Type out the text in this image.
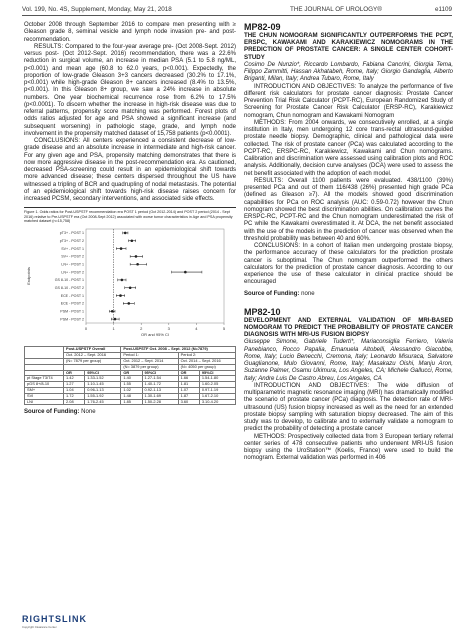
Vol. 199, No. 4S, Supplement, Monday, May 21, 2018	THE JOURNAL OF UROLOGY®	e1109

October 2008 through September 2016 to compare men presenting with ≥ Gleason grade 8, seminal vesicle and lymph node invasion pre- and post- recommendation.

RESULTS: Compared to the four-year average pre- (Oct 2008-Sept. 2012) versus post- (Oct 2012-Sept. 2016) recommendation, there was a 22.6% reduction in surgical volume, an increase in median PSA (5.1 to 5.8 ng/ML, p<0.001) and mean age (60.8 to 62.0 years, p<0.001). Expectedly, the proportion of low-grade Gleason 3+3 cancers decreased (30.2% to 17.1%, p<0.001) while high-grade Gleason 8+ cancers increased (8.4% to 13.5%, p<0.001). In this Gleason 8+ group, we saw a 24% increase in absolute numbers. One year biochemical recurrence rose from 6.2% to 17.5% (p<0.0001). To discern whether the increase in high-risk disease was due to referral patterns, propensity score matching was performed. Forest plots of odds ratios adjusted for age and PSA showed a significant increase (and subsequent worsening) in pathologic stage, grade, and lymph node involvement in the propensity matched dataset of 15,758 patients (p<0.0001).

CONCLUSIONS: All centers experienced a consistent decrease of low-grade disease and an absolute increase in intermediate and high-risk cancer. For any given age and PSA, propensity matching demonstrates that there is now more aggressive disease in the post-recommendation era. As cautioned, decreased PSA-screening could result in an epidemiological shift towards more advanced disease; these centers dispersed throughout the US have witnessed a tripling of BCR and quadrupling of nodal metastasis. The potential of an epidemiological shift towards high-risk disease raises concern for increased PCSM, secondary interventions, and associated side effects.

Figure 1. Odds ratios for Post-USPSTF recommendation era POST 1 period (Oct 2012-2014) and POST 2 period (2014 - Sept 2016) relative to Pre-USPSTF era (Oct 2008-Sept 2012) associated with worse tumor characteristics in Age and PSA propensity matched dataset (n=15,758)

0	1	2	3	4	5
OR and 95% CI
Endpoints
pT3+ - POST 1
pT3+ - POST 2
SV+ - POST 1
SV+ - POST 2
LN+ - POST 1
LN+ - POST 2
GS 8-10 - POST 1
GS 8-10 - POST 2
ECE - POST 1
ECE - POST 2
PSM - POST 1
PSM - POST 2
	Post-USPSTF Overall		Post-USPSTF Oct. 2008 – Sept. 2012 (N=7879)			
	Oct. 2012 – Sept. 2016		Period 1:		Period 2:	
	(N= 7879 per group)		Oct. 2012 – Sept. 2014		Oct. 2014 – Sept. 2016	
			(N= 3879 per group)		(N= 4050 per group)	
	OR	95%CI	OR	95%CI	OR	95%CI
pt Stage T3/T4	1.42	1.33-1.52	1.40	1.27-1.54	1.66	1.54-1.80
pGS 8+/8-10	1.27	1.10-1.45	1.55	1.40-1.72	1.81	1.60-2.05
SM+	1.04	0.96-1.13	1.02	0.92-1.13	1.07	0.97-1.19
SVI	1.72	1.55-1.92	1.48	1.30-1.69	1.87	1.67-2.10
LNI	2.08	1.76-2.45	1.85	1.50-2.28	3.60	3.10-4.20

Source of Funding: None

MP82-09

THE CHUN NOMOGRAM SIGNIFICANTLY OUTPERFORMS THE PCPT, ERSPC, KAWAKAMI AND KARAKIEWICZ NOMOGRAMS IN THE PREDICTION OF PROSTATE CANCER: A SINGLE CENTER COHORT-STUDY

Cosimo De Nunzio*, Riccardo Lombardo, Fabiana Cancrini, Giorgia Tema, Filippo Zammitti, Hassan Akhatabeh, Rome, Italy; Giorgio Gandaglia, Alberto Briganti, Milan, Italy; Andrea Tubaro, Rome, Italy

INTRODUCTION AND OBJECTIVES: To analyze the performance of five different risk calculators for prostate cancer diagnosis: Prostate Cancer Prevention Trial Risk Calculator (PCPT-RC), European Randomized Study of Screening for Prostate Cancer Risk Calculator (ERSP-RC), Karakiewicz nomogram, Chun nomogram and Kawakami Nomogram

METHODS: From 2004 onwards, we consecutively enrolled, at a single institution in Italy, men undergoing 12 core trans-rectal ultrasound-guided prostate needle biopsy. Demographic, clinical and pathological data were collected. The risk of prostate cancer (PCa) was calculated according to the PCPT-RC, ERSPC-RC, Karakiewicz, Kawakami and Chun nomograms. Calibration and discrimination were assessed using calibration plots and ROC analysis. Additionally, decision curve analyses (DCA) were used to assess the net benefit associated with the adoption of each model.

RESULTS: Overall 1100 patients were evaluated. 438/1100 (39%) presented PCa and out of them 116/438 (26%) presented high grade PCa (defined as Gleason ≥7). All the models showed good discrimination capabilities for PCa on ROC analysis (AUC: 0.59-0.72) however the Chun nomogram showed the best discrimination abilities. On calibration curves the ERSPC-RC, PCPT-RC and the Chun nomogram underestimated the risk of PC while the Kawakami overestimated it. At DCA, the net benefit associated with the use of the models in the prediction of cancer was observed when the threshold probability was between 40 and 60%.

CONCLUSIONS: In a cohort of Italian men undergoing prostate biopsy, the performance accuracy of these calculators for the prediction prostate cancer is suboptimal. The Chun nomogram outperformed the others calculators for the prediction of prostate cancer diagnosis. According to our experience the use of these calculator in clinical practice should be encouraged

Source of Funding: none

MP82-10

DEVELOPMENT AND EXTERNAL VALIDATION OF MRI-BASED NOMOGRAM TO PREDICT THE PROBABILITY OF PROSTATE CANCER DIAGNOSIS WITH MRI-US FUSION BIOPSY

Giuseppe Simone, Gabriele Tuderti*, Mariaconsiglia Ferriero, Valeria Panebianco, Rocco Papalia, Emanuela Altobelli, Alessandro Giacobbe, Rome, Italy; Lucio Benecchi, Cremona, Italy; Leonardo Misuraca, Salvatore Guaglianone, Mulo Giovanni, Rome, Italy; Masakazu Oishi, Manju Aron, Suzanne Palmer, Osamu Ukimura, Los Angeles, CA; Michele Gallucci, Rome, Italy; Andre Luis De Castro Abreu, Los Angeles, CA

INTRODUCTION AND OBJECTIVES: The wide diffusion of multiparametric magnetic resonance imaging (MRI) has dramatically modified the scenario of prostate cancer (PCa) diagnosis. The detection rate of MRI-ultrasound (US) fusion biopsy increased as well as the need for an extended prostate biopsy sampling with saturation biopsy decreased. The aim of this study was to develop, to calibrate and to externally validate a nomogram to predict the probability of detecting a prostate cancer

METHODS: Prospectively collected data from 3 European tertiary referral center series of 478 consecutive patients who underwent MRI-US fusion biopsy using the UroStation™ (Koelis, France) were used to build the nomogram. External validation was performed in 406

RIGHTSLINK
Copyright Clearance Center
